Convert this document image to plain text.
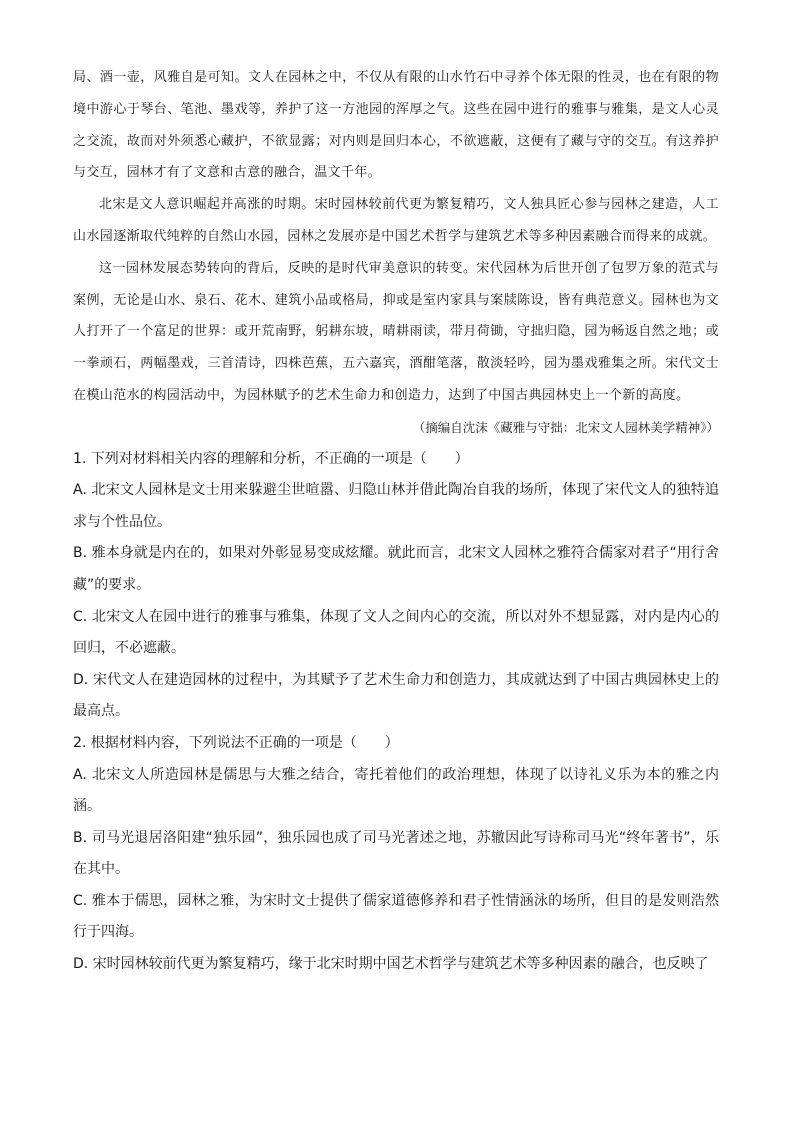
局、酒一壶，风雅自是可知。文人在园林之中，不仅从有限的山水竹石中寻养个体无限的性灵，也在有限的物境中游心于琴台、笔池、墨戏等，养护了这一方池园的浑厚之气。这些在园中进行的雅事与雅集，是文人心灵之交流，故而对外须悉心藏护，不欲显露；对内则是回归本心，不欲遮蔽，这便有了藏与守的交互。有这养护与交互，园林才有了文意和古意的融合，温文千年。

北宋是文人意识崛起并高涨的时期。宋时园林较前代更为繁复精巧，文人独具匠心参与园林之建造，人工山水园逐渐取代纯粹的自然山水园，园林之发展亦是中国艺术哲学与建筑艺术等多种因素融合而得来的成就。

这一园林发展态势转向的背后，反映的是时代审美意识的转变。宋代园林为后世开创了包罗万象的范式与案例，无论是山水、泉石、花木、建筑小品或格局，抑或是室内家具与案牍陈设，皆有典范意义。园林也为文人打开了一个富足的世界：或开荒南野，躬耕东坡，晴耕雨读，带月荷锄，守拙归隐，园为畅返自然之地；或一拳顽石，两幅墨戏，三首清诗，四株芭蕉，五六嘉宾，酒酣笔落，散淡轻吟，园为墨戏雅集之所。宋代文士在模山范水的构园活动中，为园林赋予的艺术生命力和创造力，达到了中国古典园林史上一个新的高度。

（摘编自沈沫《藏雅与守拙：北宋文人园林美学精神》）

1. 下列对材料相关内容的理解和分析，不正确的一项是（　　）

A. 北宋文人园林是文士用来躲避尘世喧嚣、归隐山林并借此陶冶自我的场所，体现了宋代文人的独特追求与个性品位。

B. 雅本身就是内在的，如果对外彰显易变成炫耀。就此而言，北宋文人园林之雅符合儒家对君子“用行舍藏”的要求。

C. 北宋文人在园中进行的雅事与雅集，体现了文人之间内心的交流，所以对外不想显露，对内是内心的回归，不必遮蔽。

D. 宋代文人在建造园林的过程中，为其赋予了艺术生命力和创造力，其成就达到了中国古典园林史上的最高点。

2. 根据材料内容，下列说法不正确的一项是（　　）

A. 北宋文人所造园林是儒思与大雅之结合，寄托着他们的政治理想，体现了以诗礼义乐为本的雅之内涵。

B. 司马光退居洛阳建“独乐园”，独乐园也成了司马光著述之地，苏辙因此写诗称司马光“终年著书”，乐在其中。

C. 雅本于儒思，园林之雅，为宋时文士提供了儒家道德修养和君子性情涵泳的场所，但目的是发则浩然行于四海。

D. 宋时园林较前代更为繁复精巧，缘于北宋时期中国艺术哲学与建筑艺术等多种因素的融合，也反映了
